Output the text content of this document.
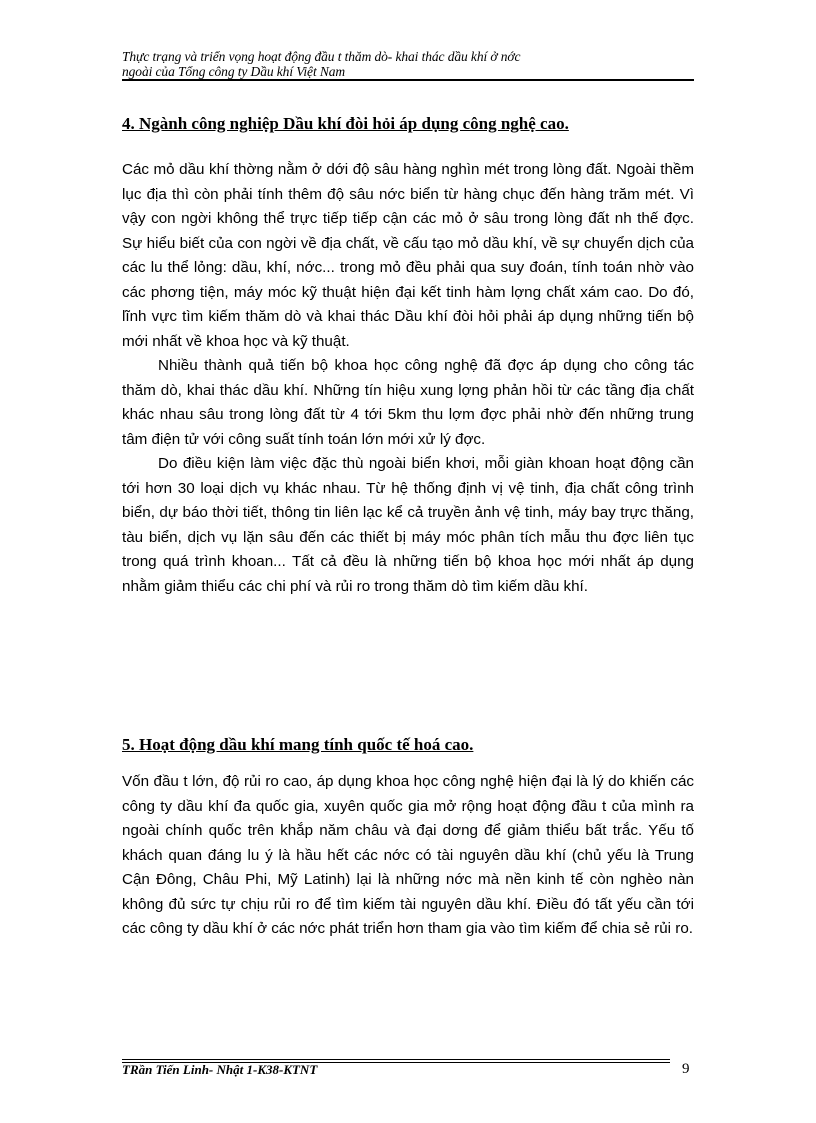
Thực trạng và triển vọng hoạt động đầu t thăm dò- khai thác dầu khí ở nớc
ngoài của Tổng công ty Dầu khí Việt Nam
4. Ngành công nghiệp Dầu khí đòi hỏi áp dụng công nghệ cao.

Các mỏ dầu khí thờng nằm ở dới độ sâu hàng nghìn mét trong lòng đất. Ngoài thềm lục địa thì còn phải tính thêm độ sâu nớc biển từ hàng chục đến hàng trăm mét. Vì vậy con ngời không thể trực tiếp tiếp cận các mỏ ở sâu trong lòng đất nh thế đợc. Sự hiểu biết của con ngời về địa chất, về cấu tạo mỏ dầu khí, về sự chuyển dịch của các lu thể lỏng: dầu, khí, nớc... trong mỏ đều phải qua suy đoán, tính toán nhờ vào các phơng tiện, máy móc kỹ thuật hiện đại kết tinh hàm lợng chất xám cao. Do đó, lĩnh vực tìm kiếm thăm dò và khai thác Dầu khí đòi hỏi phải áp dụng những tiến bộ mới nhất về khoa học và kỹ thuật.

Nhiều thành quả tiến bộ khoa học công nghệ đã đợc áp dụng cho công tác thăm dò, khai thác dầu khí. Những tín hiệu xung lợng phản hồi từ các tầng địa chất khác nhau sâu trong lòng đất từ 4 tới 5km thu lợm đợc phải nhờ đến những trung tâm điện tử với công suất tính toán lớn mới xử lý đợc.

Do điều kiện làm việc đặc thù ngoài biển khơi, mỗi giàn khoan hoạt động cần tới hơn 30 loại dịch vụ khác nhau. Từ hệ thống định vị vệ tinh, địa chất công trình biển, dự báo thời tiết, thông tin liên lạc kể cả truyền ảnh vệ tinh, máy bay trực thăng, tàu biển, dịch vụ lặn sâu đến các thiết bị máy móc phân tích mẫu thu đợc liên tục trong quá trình khoan... Tất cả đều là những tiến bộ khoa học mới nhất áp dụng nhằm giảm thiểu các chi phí và rủi ro trong thăm dò tìm kiếm dầu khí.

5. Hoạt động dầu khí mang tính quốc tế hoá cao.

Vốn đầu t lớn, độ rủi ro cao, áp dụng khoa học công nghệ hiện đại là lý do khiến các công ty dầu khí đa quốc gia, xuyên quốc gia mở rộng hoạt động đầu t của mình ra ngoài chính quốc trên khắp năm châu và đại dơng để giảm thiểu bất trắc. Yếu tố khách quan đáng lu ý là hầu hết các nớc có tài nguyên dầu khí (chủ yếu là Trung Cận Đông, Châu Phi, Mỹ Latinh) lại là những nớc mà nền kinh tế còn nghèo nàn không đủ sức tự chịu rủi ro để tìm kiếm tài nguyên dầu khí. Điều đó tất yếu cần tới các công ty dầu khí ở các nớc phát triển hơn tham gia vào tìm kiếm để chia sẻ rủi ro.

TRần Tiến Linh- Nhật 1-K38-KTNT	9
